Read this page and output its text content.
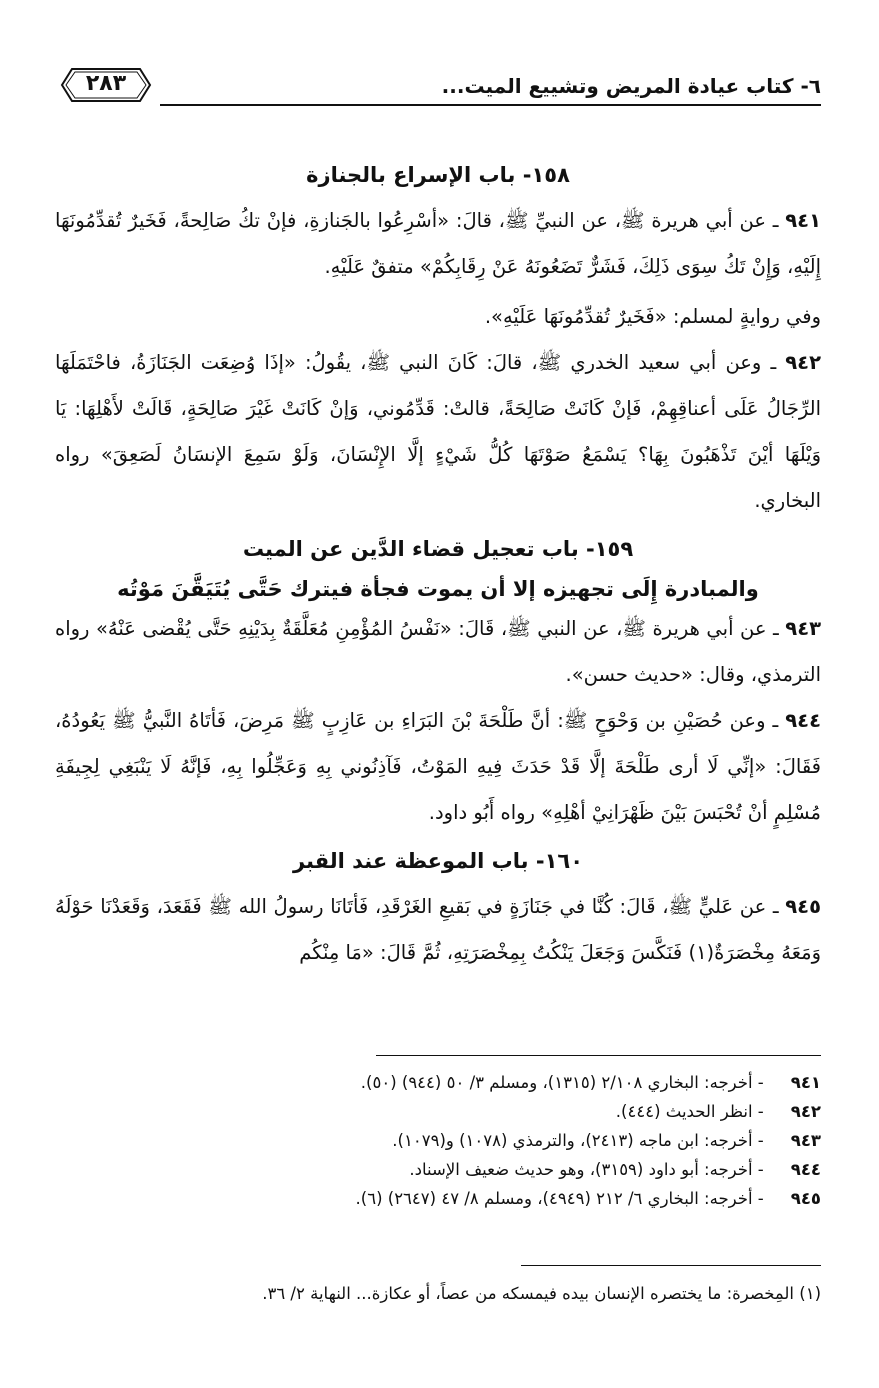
٦- كتاب عيادة المريض وتشييع الميت...
٢٨٣
١٥٨- باب الإسراع بالجنازة

٩٤١ ـ عن أبي هريرة ﷺ، عن النبيِّ ﷺ، قالَ: «أسْرِعُوا بالجَنازةِ، فإنْ تكُ صَالِحةً، فَخَيرٌ تُقدِّمُونَهَا إِلَيْهِ، وَإِنْ تَكُ سِوَى ذَلِكَ، فَشَرٌّ تَضَعُونَهُ عَنْ رِقَابِكُمْ» متفقٌ عَلَيْهِ.

وفي روايةٍ لمسلم: «فَخَيرٌ تُقدِّمُونَهَا عَلَيْهِ».

٩٤٢ ـ وعن أبي سعيد الخدري ﷺ، قالَ: كَانَ النبي ﷺ، يقُولُ: «إذَا وُضِعَت الجَنَازَةُ، فاحْتَمَلَهَا الرِّجَالُ عَلَى أعناقِهِمْ، فَإنْ كَانَتْ صَالِحَةً، قالتْ: قَدِّمُوني، وَإنْ كَانَتْ غَيْرَ صَالِحَةٍ، قَالَتْ لأَهْلِهَا: يَا وَيْلَهَا أيْنَ تَذْهَبُونَ بِهَا؟ يَسْمَعُ صَوْتَهَا كُلُّ شَيْءٍ إلَّا الإِنْسَانَ، وَلَوْ سَمِعَ الإنسَانُ لَصَعِقَ» رواه البخاري.

١٥٩- باب تعجيل قضاء الدَّين عن الميت
والمبادرة إِلَى تجهيزه إلا أن يموت فجأة فيترك حَتَّى يُتَيَقَّنَ مَوْتُه

٩٤٣ ـ عن أبي هريرة ﷺ، عن النبي ﷺ، قَالَ: «نَفْسُ المُؤْمِنِ مُعَلَّقَةٌ بِدَيْنِهِ حَتَّى يُقْضى عَنْهُ» رواه الترمذي، وقال: «حديث حسن».

٩٤٤ ـ وعن حُصَيْنِ بن وَحْوَحٍ ﷺ: أنَّ طَلْحَةَ بْنَ البَرَاءِ بن عَازِبٍ ﷺ مَرِضَ، فَأتَاهُ النَّبيُّ ﷺ يَعُودُهُ، فَقَالَ: «إنِّي لَا أرى طَلْحَةَ إلَّا قَدْ حَدَثَ فِيهِ المَوْتُ، فَآذِنُوني بِهِ وَعَجِّلُوا بِهِ، فَإنَّهُ لَا يَنْبَغِي لِجِيفَةِ مُسْلِمٍ أنْ تُحْبَسَ بَيْنَ ظَهْرَانِيْ أهْلِهِ» رواه أَبُو داود.

١٦٠- باب الموعظة عند القبر

٩٤٥ ـ عن عَليٍّ ﷺ، قَالَ: كُنَّا في جَنَازَةٍ في بَقيعِ الغَرْقَدِ، فَأتَانَا رسولُ الله ﷺ فَقَعَدَ، وَقَعَدْنَا حَوْلَهُ وَمَعَهُ مِخْصَرَةٌ(١) فَنَكَّسَ وَجَعَلَ يَنْكُتُ بِمِخْصَرَتِهِ، ثُمَّ قَالَ: «مَا مِنْكُم

٩٤١ - أخرجه: البخاري ٢/١٠٨ (١٣١٥)، ومسلم ٣/ ٥٠ (٩٤٤) (٥٠).

٩٤٢ - انظر الحديث (٤٤٤).

٩٤٣ - أخرجه: ابن ماجه (٢٤١٣)، والترمذي (١٠٧٨) و(١٠٧٩).

٩٤٤ - أخرجه: أبو داود (٣١٥٩)، وهو حديث ضعيف الإسناد.

٩٤٥ - أخرجه: البخاري ٦/ ٢١٢ (٤٩٤٩)، ومسلم ٨/ ٤٧ (٢٦٤٧) (٦).

(١) المِخصرة: ما يختصره الإنسان بيده فيمسكه من عصاً، أو عكازة... النهاية ٢/ ٣٦.
